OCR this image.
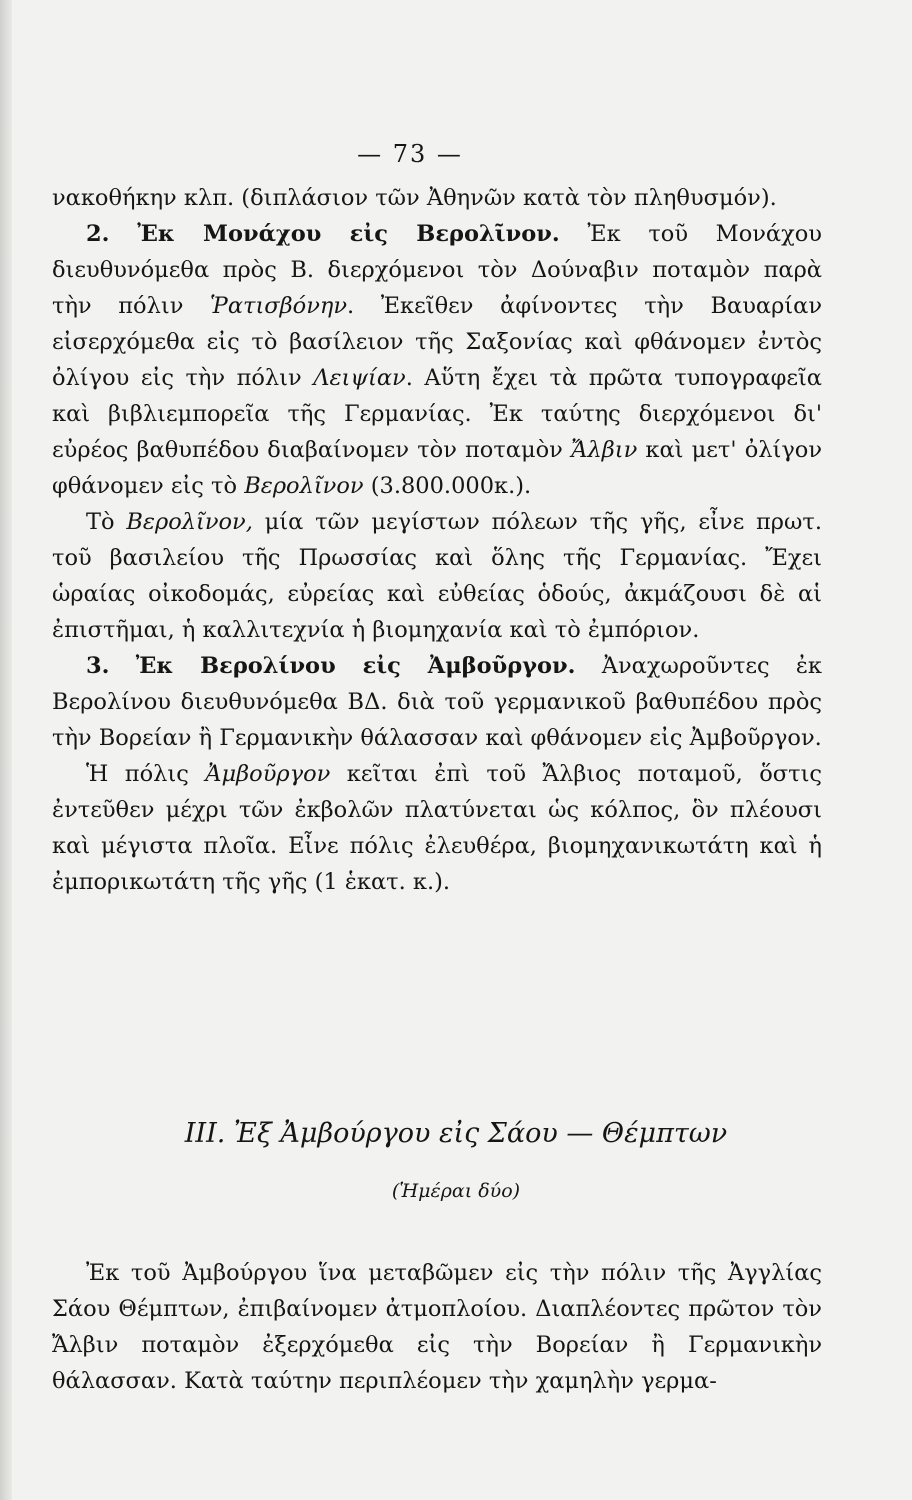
— 73 —

νακοθήκην κλπ. (διπλάσιον τῶν Ἀθηνῶν κατὰ τὸν πληθυσμόν).

2. Ἐκ Μονάχου εἰς Βερολῖνον. Ἐκ τοῦ Μονάχου διευθυνόμεθα πρὸς Β. διερχόμενοι τὸν Δούναβιν ποταμὸν παρὰ τὴν πόλιν Ῥατισβόνην. Ἐκεῖθεν ἀφίνοντες τὴν Βαυαρίαν εἰσερχόμεθα εἰς τὸ βασίλειον τῆς Σαξονίας καὶ φθάνομεν ἐντὸς ὀλίγου εἰς τὴν πόλιν Λειψίαν. Αὕτη ἔχει τὰ πρῶτα τυπογραφεῖα καὶ βιβλιεμπορεῖα τῆς Γερμανίας. Ἐκ ταύτης διερχόμενοι δι' εὐρέος βαθυπέδου διαβαίνομεν τὸν ποταμὸν Ἄλβιν καὶ μετ' ὀλίγον φθάνομεν εἰς τὸ Βερολῖνον (3.800.000κ.).

Τὸ Βερολῖνον, μία τῶν μεγίστων πόλεων τῆς γῆς, εἶνε πρωτ. τοῦ βασιλείου τῆς Πρωσσίας καὶ ὅλης τῆς Γερμανίας. Ἔχει ὡραίας οἰκοδομάς, εὐρείας καὶ εὐθείας ὁδούς, ἀκμάζουσι δὲ αἱ ἐπιστῆμαι, ἡ καλλιτεχνία ἡ βιομηχανία καὶ τὸ ἐμπόριον.

3. Ἐκ Βερολίνου εἰς Ἀμβοῦργον. Ἀναχωροῦντες ἐκ Βερολίνου διευθυνόμεθα ΒΔ. διὰ τοῦ γερμανικοῦ βαθυπέδου πρὸς τὴν Βορείαν ἢ Γερμανικὴν θάλασσαν καὶ φθάνομεν εἰς Ἀμβοῦργον.

Ἡ πόλις Ἀμβοῦργον κεῖται ἐπὶ τοῦ Ἄλβιος ποταμοῦ, ὅστις ἐντεῦθεν μέχρι τῶν ἐκβολῶν πλατύνεται ὡς κόλπος, ὃν πλέουσι καὶ μέγιστα πλοῖα. Εἶνε πόλις ἐλευθέρα, βιομηχανικωτάτη καὶ ἡ ἐμπορικωτάτη τῆς γῆς (1 ἑκατ. κ.).

ΙΙΙ. Ἐξ Ἀμβούργου εἰς Σάου — Θέμπτων
(Ἡμέραι δύο)

Ἐκ τοῦ Ἀμβούργου ἵνα μεταβῶμεν εἰς τὴν πόλιν τῆς Ἀγγλίας Σάου Θέμπτων, ἐπιβαίνομεν ἀτμοπλοίου. Διαπλέοντες πρῶτον τὸν Ἄλβιν ποταμὸν ἐξερχόμεθα εἰς τὴν Βορείαν ἢ Γερμανικὴν θάλασσαν. Κατὰ ταύτην περιπλέομεν τὴν χαμηλὴν γερμα-
